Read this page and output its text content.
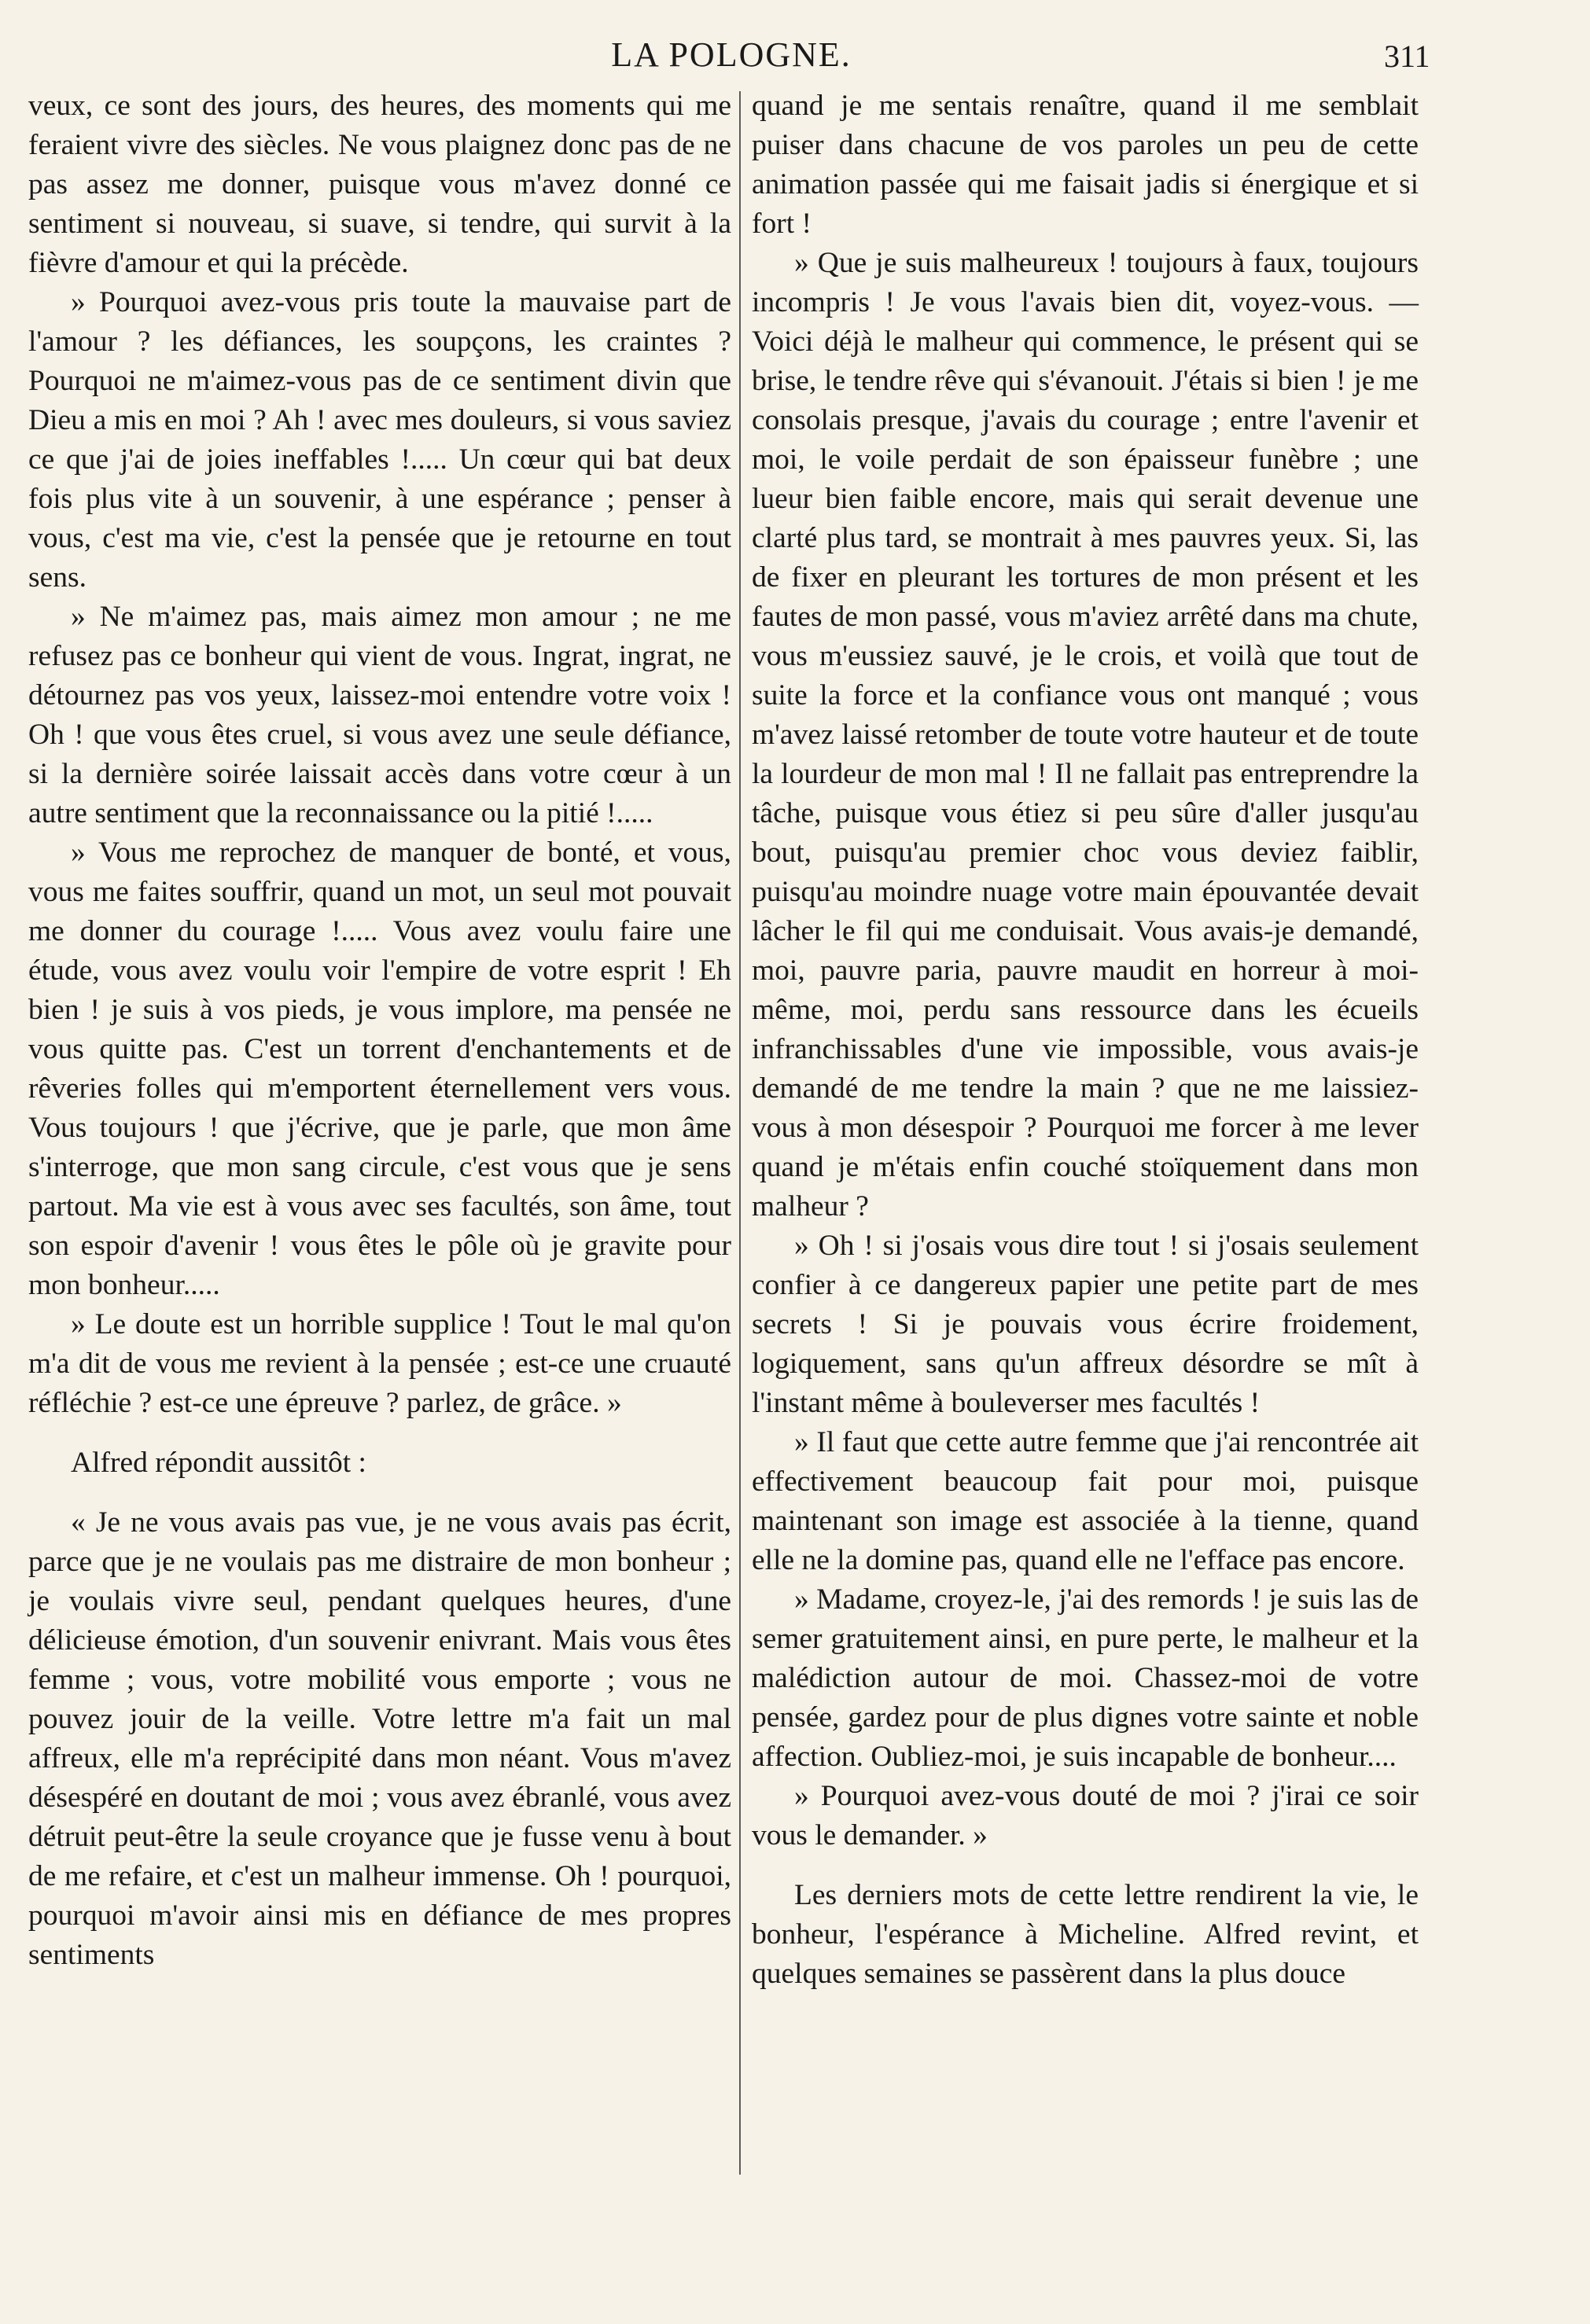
LA POLOGNE.	311

veux, ce sont des jours, des heures, des moments qui me feraient vivre des siècles. Ne vous plaignez donc pas de ne pas assez me donner, puisque vous m'avez donné ce sentiment si nouveau, si suave, si tendre, qui survit à la fièvre d'amour et qui la précède.

» Pourquoi avez-vous pris toute la mauvaise part de l'amour ? les défiances, les soupçons, les craintes ? Pourquoi ne m'aimez-vous pas de ce sentiment divin que Dieu a mis en moi ? Ah ! avec mes douleurs, si vous saviez ce que j'ai de joies ineffables !..... Un cœur qui bat deux fois plus vite à un souvenir, à une espérance ; penser à vous, c'est ma vie, c'est la pensée que je retourne en tout sens.

» Ne m'aimez pas, mais aimez mon amour ; ne me refusez pas ce bonheur qui vient de vous. Ingrat, ingrat, ne détournez pas vos yeux, laissez-moi entendre votre voix ! Oh ! que vous êtes cruel, si vous avez une seule défiance, si la dernière soirée laissait accès dans votre cœur à un autre sentiment que la reconnaissance ou la pitié !.....

» Vous me reprochez de manquer de bonté, et vous, vous me faites souffrir, quand un mot, un seul mot pouvait me donner du courage !..... Vous avez voulu faire une étude, vous avez voulu voir l'empire de votre esprit ! Eh bien ! je suis à vos pieds, je vous implore, ma pensée ne vous quitte pas. C'est un torrent d'enchantements et de rêveries folles qui m'emportent éternellement vers vous. Vous toujours ! que j'écrive, que je parle, que mon âme s'interroge, que mon sang circule, c'est vous que je sens partout. Ma vie est à vous avec ses facultés, son âme, tout son espoir d'avenir ! vous êtes le pôle où je gravite pour mon bonheur.....

» Le doute est un horrible supplice ! Tout le mal qu'on m'a dit de vous me revient à la pensée ; est-ce une cruauté réfléchie ? est-ce une épreuve ? parlez, de grâce. »

Alfred répondit aussitôt :

« Je ne vous avais pas vue, je ne vous avais pas écrit, parce que je ne voulais pas me distraire de mon bonheur ; je voulais vivre seul, pendant quelques heures, d'une délicieuse émotion, d'un souvenir enivrant. Mais vous êtes femme ; vous, votre mobilité vous emporte ; vous ne pouvez jouir de la veille. Votre lettre m'a fait un mal affreux, elle m'a reprécipité dans mon néant. Vous m'avez désespéré en doutant de moi ; vous avez ébranlé, vous avez détruit peut-être la seule croyance que je fusse venu à bout de me refaire, et c'est un malheur immense. Oh ! pourquoi, pourquoi m'avoir ainsi mis en défiance de mes propres sentiments

quand je me sentais renaître, quand il me semblait puiser dans chacune de vos paroles un peu de cette animation passée qui me faisait jadis si énergique et si fort !

» Que je suis malheureux ! toujours à faux, toujours incompris ! Je vous l'avais bien dit, voyez-vous. — Voici déjà le malheur qui commence, le présent qui se brise, le tendre rêve qui s'évanouit. J'étais si bien ! je me consolais presque, j'avais du courage ; entre l'avenir et moi, le voile perdait de son épaisseur funèbre ; une lueur bien faible encore, mais qui serait devenue une clarté plus tard, se montrait à mes pauvres yeux. Si, las de fixer en pleurant les tortures de mon présent et les fautes de mon passé, vous m'aviez arrêté dans ma chute, vous m'eussiez sauvé, je le crois, et voilà que tout de suite la force et la confiance vous ont manqué ; vous m'avez laissé retomber de toute votre hauteur et de toute la lourdeur de mon mal ! Il ne fallait pas entreprendre la tâche, puisque vous étiez si peu sûre d'aller jusqu'au bout, puisqu'au premier choc vous deviez faiblir, puisqu'au moindre nuage votre main épouvantée devait lâcher le fil qui me conduisait. Vous avais-je demandé, moi, pauvre paria, pauvre maudit en horreur à moi-même, moi, perdu sans ressource dans les écueils infranchissables d'une vie impossible, vous avais-je demandé de me tendre la main ? que ne me laissiez-vous à mon désespoir ? Pourquoi me forcer à me lever quand je m'étais enfin couché stoïquement dans mon malheur ?

» Oh ! si j'osais vous dire tout ! si j'osais seulement confier à ce dangereux papier une petite part de mes secrets ! Si je pouvais vous écrire froidement, logiquement, sans qu'un affreux désordre se mît à l'instant même à bouleverser mes facultés !

» Il faut que cette autre femme que j'ai rencontrée ait effectivement beaucoup fait pour moi, puisque maintenant son image est associée à la tienne, quand elle ne la domine pas, quand elle ne l'efface pas encore.

» Madame, croyez-le, j'ai des remords ! je suis las de semer gratuitement ainsi, en pure perte, le malheur et la malédiction autour de moi. Chassez-moi de votre pensée, gardez pour de plus dignes votre sainte et noble affection. Oubliez-moi, je suis incapable de bonheur....

» Pourquoi avez-vous douté de moi ? j'irai ce soir vous le demander. »

Les derniers mots de cette lettre rendirent la vie, le bonheur, l'espérance à Micheline. Alfred revint, et quelques semaines se passèrent dans la plus douce
